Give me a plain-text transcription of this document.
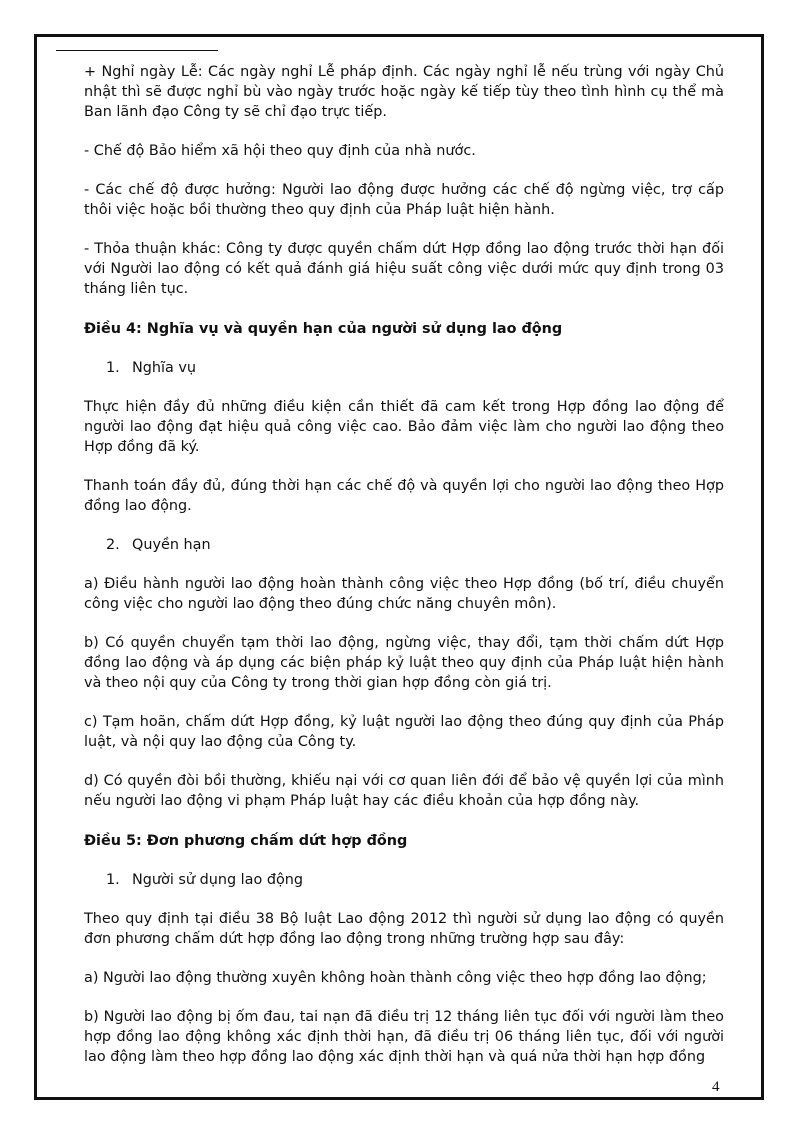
+ Nghỉ ngày Lễ: Các ngày nghỉ Lễ pháp định. Các ngày nghỉ lễ nếu trùng với ngày Chủ nhật thì sẽ được nghỉ bù vào ngày trước hoặc ngày kế tiếp tùy theo tình hình cụ thể mà Ban lãnh đạo Công ty sẽ chỉ đạo trực tiếp.

- Chế độ Bảo hiểm xã hội theo quy định của nhà nước.

- Các chế độ được hưởng: Người lao động được hưởng các chế độ ngừng việc, trợ cấp thôi việc hoặc bồi thường theo quy định của Pháp luật hiện hành.

- Thỏa thuận khác: Công ty được quyền chấm dứt Hợp đồng lao động trước thời hạn đối với Người lao động có kết quả đánh giá hiệu suất công việc dưới mức quy định trong 03 tháng liên tục.

Điều 4: Nghĩa vụ và quyền hạn của người sử dụng lao động

1. Nghĩa vụ

Thực hiện đầy đủ những điều kiện cần thiết đã cam kết trong Hợp đồng lao động để người lao động đạt hiệu quả công việc cao. Bảo đảm việc làm cho người lao động theo Hợp đồng đã ký.

Thanh toán đầy đủ, đúng thời hạn các chế độ và quyền lợi cho người lao động theo Hợp đồng lao động.

2. Quyền hạn

a) Điều hành người lao động hoàn thành công việc theo Hợp đồng (bố trí, điều chuyển công việc cho người lao động theo đúng chức năng chuyên môn).

b) Có quyền chuyển tạm thời lao động, ngừng việc, thay đổi, tạm thời chấm dứt Hợp đồng lao động và áp dụng các biện pháp kỷ luật theo quy định của Pháp luật hiện hành và theo nội quy của Công ty trong thời gian hợp đồng còn giá trị.

c) Tạm hoãn, chấm dứt Hợp đồng, kỷ luật người lao động theo đúng quy định của Pháp luật, và nội quy lao động của Công ty.

d) Có quyền đòi bồi thường, khiếu nại với cơ quan liên đới để bảo vệ quyền lợi của mình nếu người lao động vi phạm Pháp luật hay các điều khoản của hợp đồng này.

Điều 5: Đơn phương chấm dứt hợp đồng

1. Người sử dụng lao động

Theo quy định tại điều 38 Bộ luật Lao động 2012 thì người sử dụng lao động có quyền đơn phương chấm dứt hợp đồng lao động trong những trường hợp sau đây:

a) Người lao động thường xuyên không hoàn thành công việc theo hợp đồng lao động;

b) Người lao động bị ốm đau, tai nạn đã điều trị 12 tháng liên tục đối với người làm theo hợp đồng lao động không xác định thời hạn, đã điều trị 06 tháng liên tục, đối với người lao động làm theo hợp đồng lao động xác định thời hạn và quá nửa thời hạn hợp đồng

4
